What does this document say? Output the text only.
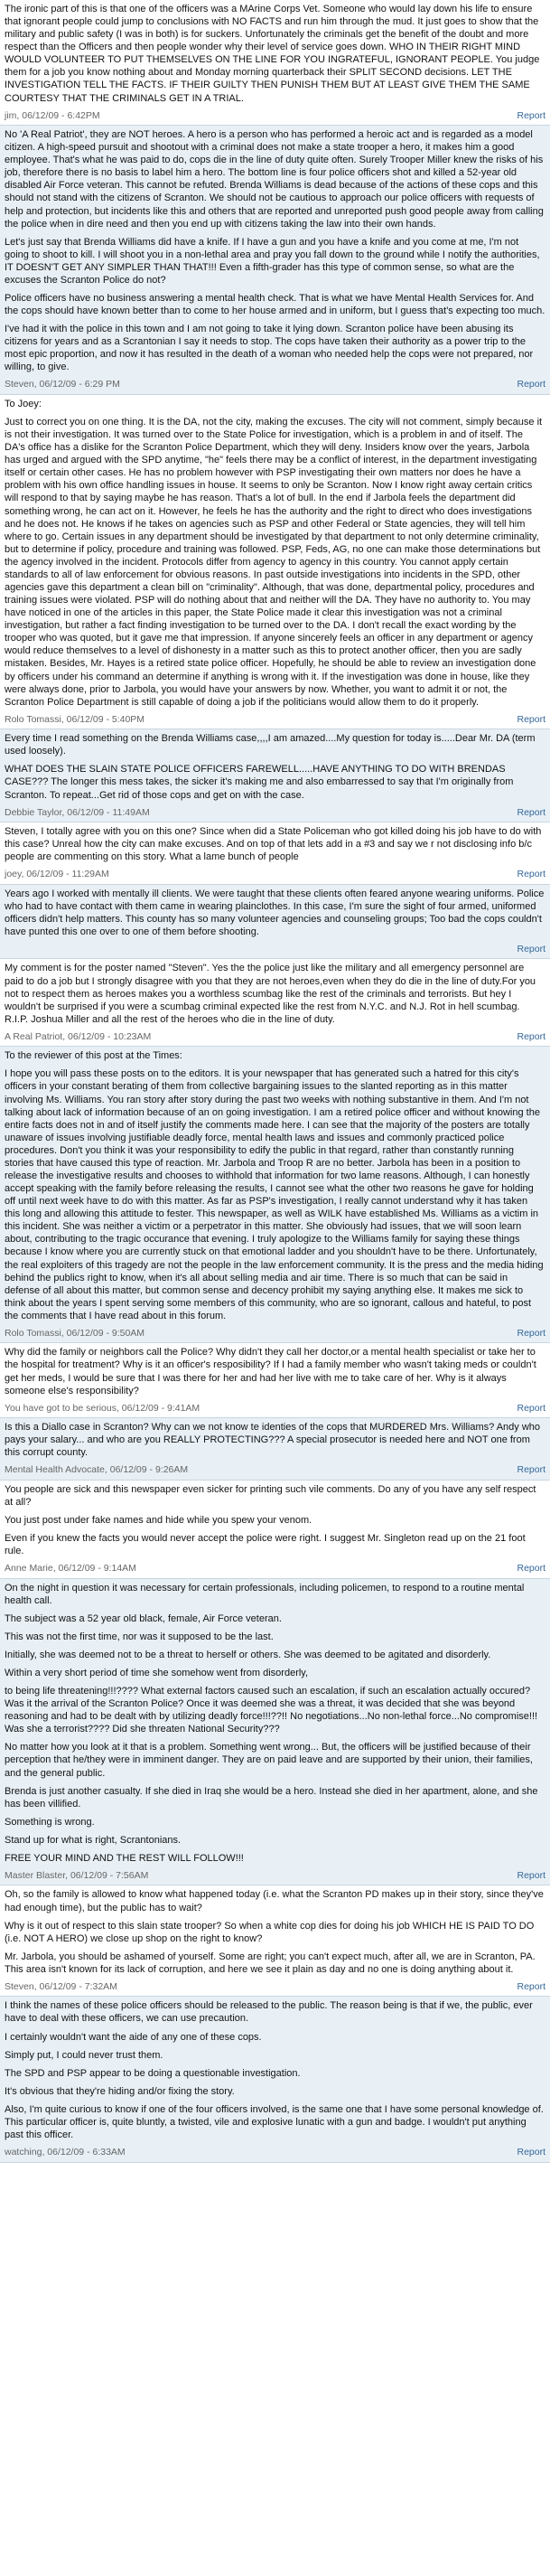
The ironic part of this is that one of the officers was a MArine Corps Vet. Someone who would lay down his life to ensure that ignorant people could jump to conclusions with NO FACTS and run him through the mud. It just goes to show that the military and public safety (I was in both) is for suckers. Unfortunately the criminals get the benefit of the doubt and more respect than the Officers and then people wonder why their level of service goes down. WHO IN THEIR RIGHT MIND WOULD VOLUNTEER TO PUT THEMSELVES ON THE LINE FOR YOU INGRATEFUL, IGNORANT PEOPLE. You judge them for a job you know nothing about and Monday morning quarterback their SPLIT SECOND decisions. LET THE INVESTIGATION TELL THE FACTS. IF THEIR GUILTY THEN PUNISH THEM BUT AT LEAST GIVE THEM THE SAME COURTESY THAT THE CRIMINALS GET IN A TRIAL.

jim, 06/12/09 - 6:42PM	Report

No 'A Real Patriot', they are NOT heroes. A hero is a person who has performed a heroic act and is regarded as a model citizen. A high-speed pursuit and shootout with a criminal does not make a state trooper a hero, it makes him a good employee. That's what he was paid to do, cops die in the line of duty quite often. Surely Trooper Miller knew the risks of his job, therefore there is no basis to label him a hero. The bottom line is four police officers shot and killed a 52-year old disabled Air Force veteran. This cannot be refuted. Brenda Williams is dead because of the actions of these cops and this should not stand with the citizens of Scranton. We should not be cautious to approach our police officers with requests of help and protection, but incidents like this and others that are reported and unreported push good people away from calling the police when in dire need and then you end up with citizens taking the law into their own hands.

Let's just say that Brenda Williams did have a knife. If I have a gun and you have a knife and you come at me, I'm not going to shoot to kill. I will shoot you in a non-lethal area and pray you fall down to the ground while I notify the authorities, IT DOESN'T GET ANY SIMPLER THAN THAT!!! Even a fifth-grader has this type of common sense, so what are the excuses the Scranton Police do not?

Police officers have no business answering a mental health check. That is what we have Mental Health Services for. And the cops should have known better than to come to her house armed and in uniform, but I guess that's expecting too much.

I've had it with the police in this town and I am not going to take it lying down. Scranton police have been abusing its citizens for years and as a Scrantonian I say it needs to stop. The cops have taken their authority as a power trip to the most epic proportion, and now it has resulted in the death of a woman who needed help the cops were not prepared, nor willing, to give.

Steven, 06/12/09 - 6:29 PM	Report

To Joey:

Just to correct you on one thing. It is the DA, not the city, making the excuses. The city will not comment, simply because it is not their investigation. It was turned over to the State Police for investigation, which is a problem in and of itself. The DA's office has a dislike for the Scranton Police Department, which they will deny. Insiders know over the years, Jarbola has urged and argued with the SPD anytime, "he" feels there may be a conflict of interest, in the department investigating itself or certain other cases. He has no problem however with PSP investigating their own matters nor does he have a problem with his own office handling issues in house. It seems to only be Scranton. Now I know right away certain critics will respond to that by saying maybe he has reason. That's a lot of bull. In the end if Jarbola feels the department did something wrong, he can act on it. However, he feels he has the authority and the right to direct who does investigations and he does not. He knows if he takes on agencies such as PSP and other Federal or State agencies, they will tell him where to go. Certain issues in any department should be investigated by that department to not only determine criminality, but to determine if policy, procedure and training was followed. PSP, Feds, AG, no one can make those determinations but the agency involved in the incident. Protocols differ from agency to agency in this country. You cannot apply certain standards to all of law enforcement for obvious reasons. In past outside investigations into incidents in the SPD, other agencies gave this department a clean bill on "criminality". Although, that was done, departmental policy, procedures and training issues were violated. PSP will do nothing about that and neither will the DA. They have no authority to. You may have noticed in one of the articles in this paper, the State Police made it clear this investigation was not a criminal investigation, but rather a fact finding investigation to be turned over to the DA. I don't recall the exact wording by the trooper who was quoted, but it gave me that impression. If anyone sincerely feels an officer in any department or agency would reduce themselves to a level of dishonesty in a matter such as this to protect another officer, then you are sadly mistaken. Besides, Mr. Hayes is a retired state police officer. Hopefully, he should be able to review an investigation done by officers under his command an determine if anything is wrong with it. If the investigation was done in house, like they were always done, prior to Jarbola, you would have your answers by now. Whether, you want to admit it or not, the Scranton Police Department is still capable of doing a job if the politicians would allow them to do it properly.

Rolo Tomassi, 06/12/09 - 5:40PM	Report

Every time I read something on the Brenda Williams case,,,,I am amazed....My question for today is.....Dear Mr. DA (term used loosely).

WHAT DOES THE SLAIN STATE POLICE OFFICERS FAREWELL.....HAVE ANYTHING TO DO WITH BRENDAS CASE??? The longer this mess takes, the sicker it's making me and also embarressed to say that I'm originally from Scranton. To repeat...Get rid of those cops and get on with the case.

Debbie Taylor, 06/12/09 - 11:49AM	Report

Steven, I totally agree with you on this one? Since when did a State Policeman who got killed doing his job have to do with this case? Unreal how the city can make excuses. And on top of that lets add in a #3 and say we r not disclosing info b/c people are commenting on this story. What a lame bunch of people

joey, 06/12/09 - 11:29AM	Report

Years ago I worked with mentally ill clients. We were taught that these clients often feared anyone wearing uniforms. Police who had to have contact with them came in wearing plainclothes. In this case, I'm sure the sight of four armed, uniformed officers didn't help matters. This county has so many volunteer agencies and counseling groups; Too bad the cops couldn't have punted this one over to one of them before shooting.

Report

My comment is for the poster named "Steven". Yes the the police just like the military and all emergency personnel are paid to do a job but I strongly disagree with you that they are not heroes,even when they do die in the line of duty.For you not to respect them as heroes makes you a worthless scumbag like the rest of the criminals and terrorists. But hey I wouldn't be surprised if you were a scumbag criminal expected like the rest from N.Y.C. and N.J. Rot in hell scumbag. R.I.P. Joshua Miller and all the rest of the heroes who die in the line of duty.

A Real Patriot, 06/12/09 - 10:23AM	Report

To the reviewer of this post at the Times:

I hope you will pass these posts on to the editors. It is your newspaper that has generated such a hatred for this city's officers in your constant berating of them from collective bargaining issues to the slanted reporting as in this matter involving Ms. Williams. You ran story after story during the past two weeks with nothing substantive in them. And I'm not talking about lack of information because of an on going investigation. I am a retired police officer and without knowing the entire facts does not in and of itself justify the comments made here. I can see that the majority of the posters are totally unaware of issues involving justifiable deadly force, mental health laws and issues and commonly practiced police procedures. Don't you think it was your responsibility to edify the public in that regard, rather than constantly running stories that have caused this type of reaction. Mr. Jarbola and Troop R are no better. Jarbola has been in a position to release the investigative results and chooses to withhold that information for two lame reasons. Although, I can honestly accept speaking with the family before releasing the results, I cannot see what the other two reasons he gave for holding off until next week have to do with this matter. As far as PSP's investigation, I really cannot understand why it has taken this long and allowing this attitude to fester. This newspaper, as well as WILK have established Ms. Williams as a victim in this incident. She was neither a victim or a perpetrator in this matter. She obviously had issues, that we will soon learn about, contributing to the tragic occurance that evening. I truly apologize to the Williams family for saying these things because I know where you are currently stuck on that emotional ladder and you shouldn't have to be there. Unfortunately, the real exploiters of this tragedy are not the people in the law enforcement community. It is the press and the media hiding behind the publics right to know, when it's all about selling media and air time. There is so much that can be said in defense of all about this matter, but common sense and decency prohibit my saying anything else. It makes me sick to think about the years I spent serving some members of this community, who are so ignorant, callous and hateful, to post the comments that I have read about in this forum.

Rolo Tomassi, 06/12/09 - 9:50AM	Report

Why did the family or neighbors call the Police? Why didn't they call her doctor,or a mental health specialist or take her to the hospital for treatment? Why is it an officer's resposibility? If I had a family member who wasn't taking meds or couldn't get her meds, I would be sure that I was there for her and had her live with me to take care of her. Why is it always someone else's responsibility?

You have got to be serious, 06/12/09 - 9:41AM	Report

Is this a Diallo case in Scranton? Why can we not know te identies of the cops that MURDERED Mrs. Williams? Andy who pays your salary... and who are you REALLY PROTECTING??? A special prosecutor is needed here and NOT one from this corrupt county.

Mental Health Advocate, 06/12/09 - 9:26AM	Report

You people are sick and this newspaper even sicker for printing such vile comments. Do any of you have any self respect at all?

You just post under fake names and hide while you spew your venom.

Even if you knew the facts you would never accept the police were right. I suggest Mr. Singleton read up on the 21 foot rule.

Anne Marie, 06/12/09 - 9:14AM	Report

On the night in question it was necessary for certain professionals, including policemen, to respond to a routine mental health call.

The subject was a 52 year old black, female, Air Force veteran.

This was not the first time, nor was it supposed to be the last.

Initially, she was deemed not to be a threat to herself or others. She was deemed to be agitated and disorderly.

Within a very short period of time she somehow went from disorderly,

to being life threatening!!!???? What external factors caused such an escalation, if such an escalation actually occured? Was it the arrival of the Scranton Police? Once it was deemed she was a threat, it was decided that she was beyond reasoning and had to be dealt with by utilizing deadly force!!!??!! No negotiations...No non-lethal force...No compromise!!! Was she a terrorist???? Did she threaten National Security???

No matter how you look at it that is a problem. Something went wrong... But, the officers will be justified because of their perception that he/they were in imminent danger. They are on paid leave and are supported by their union, their families, and the general public.

Brenda is just another casualty. If she died in Iraq she would be a hero. Instead she died in her apartment, alone, and she has been villified.

Something is wrong.

Stand up for what is right, Scrantonians.

FREE YOUR MIND AND THE REST WILL FOLLOW!!!

Master Blaster, 06/12/09 - 7:56AM	Report

Oh, so the family is allowed to know what happened today (i.e. what the Scranton PD makes up in their story, since they've had enough time), but the public has to wait?

Why is it out of respect to this slain state trooper? So when a white cop dies for doing his job WHICH HE IS PAID TO DO (i.e. NOT A HERO) we close up shop on the right to know?

Mr. Jarbola, you should be ashamed of yourself. Some are right; you can't expect much, after all, we are in Scranton, PA. This area isn't known for its lack of corruption, and here we see it plain as day and no one is doing anything about it.

Steven, 06/12/09 - 7:32AM	Report

I think the names of these police officers should be released to the public. The reason being is that if we, the public, ever have to deal with these officers, we can use precaution.

I certainly wouldn't want the aide of any one of these cops.

Simply put, I could never trust them.

The SPD and PSP appear to be doing a questionable investigation.

It's obvious that they're hiding and/or fixing the story.

Also, I'm quite curious to know if one of the four officers involved, is the same one that I have some personal knowledge of. This particular officer is, quite bluntly, a twisted, vile and explosive lunatic with a gun and badge. I wouldn't put anything past this officer.

watching, 06/12/09 - 6:33AM	Report
